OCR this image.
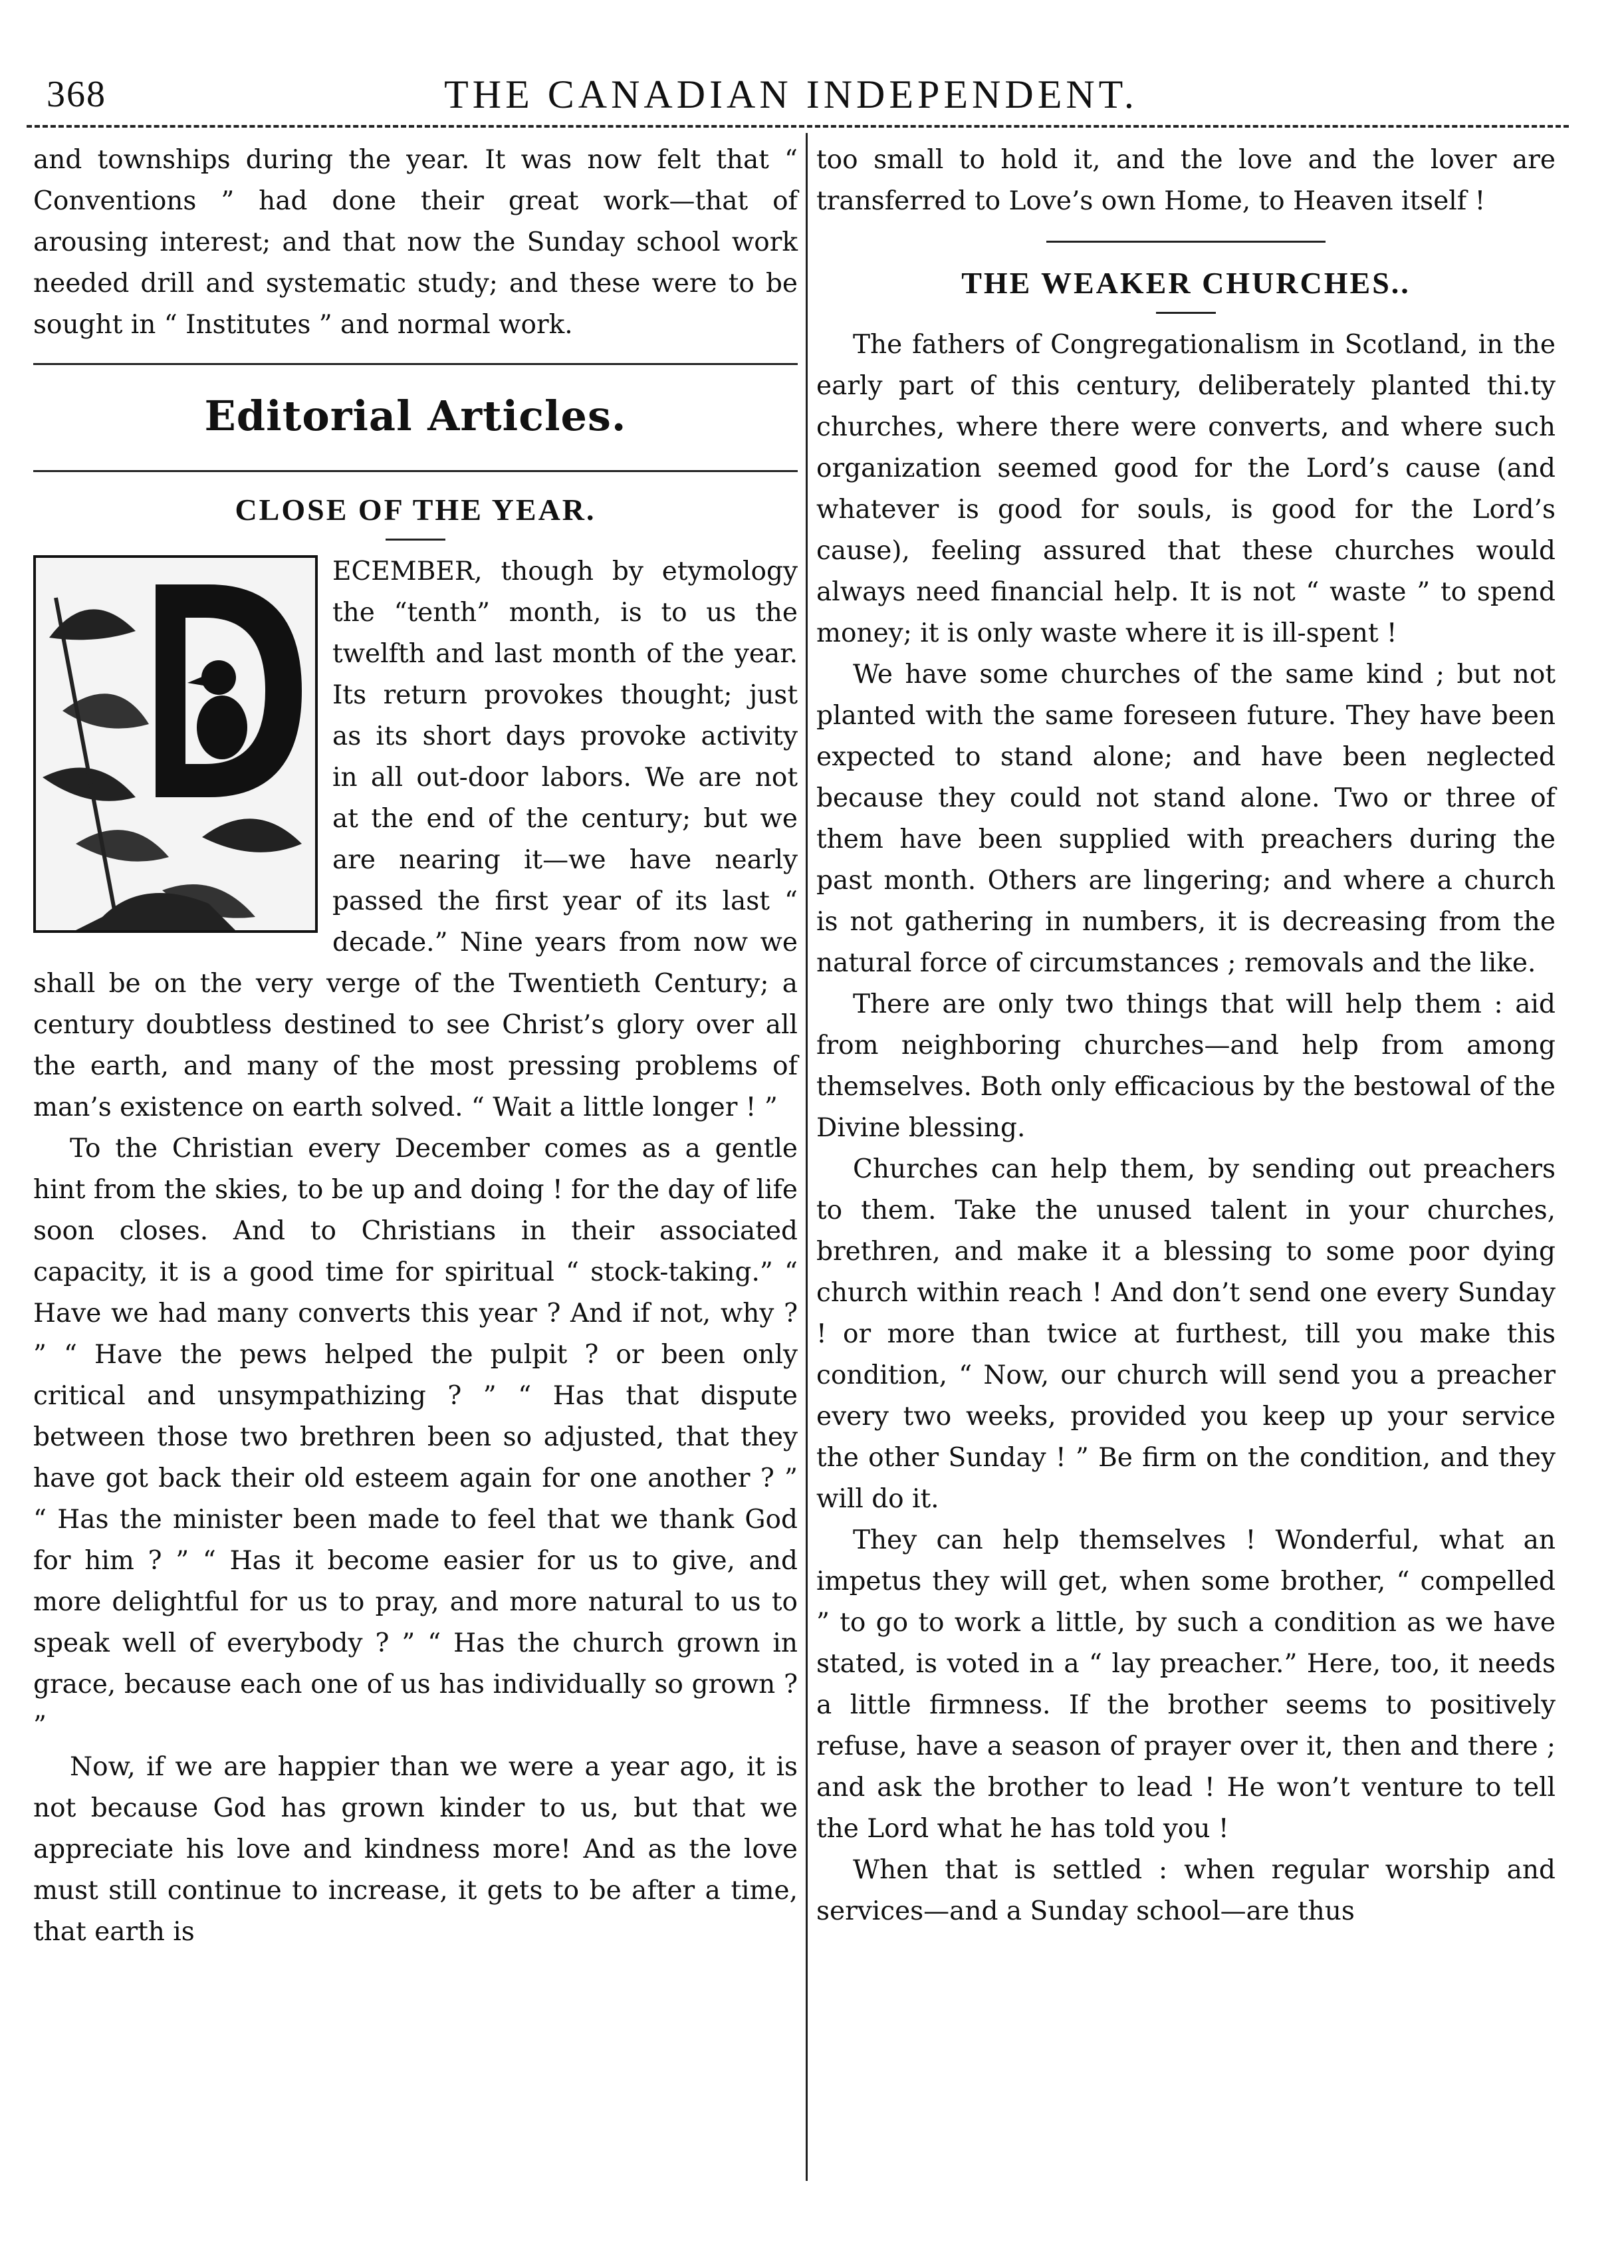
368	THE CANADIAN INDEPENDENT.

and townships during the year. It was now felt that “ Conventions ” had done their great work—that of arousing interest; and that now the Sunday school work needed drill and systematic study; and these were to be sought in “ Institutes ” and normal work.

Editorial Articles.
CLOSE OF THE YEAR.

ECEMBER, though by etymology the “tenth” month, is to us the twelfth and last month of the year. Its return provokes thought; just as its short days provoke activity in all out-door labors. We are not at the end of the century; but we are nearing it—we have nearly passed the first year of its last “ decade.” Nine years from now we shall be on the very verge of the Twentieth Century; a century doubtless destined to see Christ’s glory over all the earth, and many of the most pressing problems of man’s existence on earth solved. “ Wait a little longer ! ”

To the Christian every December comes as a gentle hint from the skies, to be up and doing ! for the day of life soon closes. And to Christians in their associated capacity, it is a good time for spiritual “ stock-taking.” “ Have we had many converts this year ? And if not, why ? ” “ Have the pews helped the pulpit ? or been only critical and unsympathizing ? ” “ Has that dispute between those two brethren been so adjusted, that they have got back their old esteem again for one another ? ” “ Has the minister been made to feel that we thank God for him ? ” “ Has it become easier for us to give, and more delightful for us to pray, and more natural to us to speak well of everybody ? ” “ Has the church grown in grace, because each one of us has individually so grown ? ”

Now, if we are happier than we were a year ago, it is not because God has grown kinder to us, but that we appreciate his love and kindness more! And as the love must still continue to increase, it gets to be after a time, that earth is

too small to hold it, and the love and the lover are transferred to Love’s own Home, to Heaven itself !

THE WEAKER CHURCHES..

The fathers of Congregationalism in Scotland, in the early part of this century, deliberately planted thi.ty churches, where there were converts, and where such organization seemed good for the Lord’s cause (and whatever is good for souls, is good for the Lord’s cause), feeling assured that these churches would always need financial help. It is not “ waste ” to spend money; it is only waste where it is ill-spent !

We have some churches of the same kind ; but not planted with the same foreseen future. They have been expected to stand alone; and have been neglected because they could not stand alone. Two or three of them have been supplied with preachers during the past month. Others are lingering; and where a church is not gathering in numbers, it is decreasing from the natural force of circumstances ; removals and the like.

There are only two things that will help them : aid from neighboring churches—and help from among themselves. Both only efficacious by the bestowal of the Divine blessing.

Churches can help them, by sending out preachers to them. Take the unused talent in your churches, brethren, and make it a blessing to some poor dying church within reach ! And don’t send one every Sunday ! or more than twice at furthest, till you make this condition, “ Now, our church will send you a preacher every two weeks, provided you keep up your service the other Sunday ! ” Be firm on the condition, and they will do it.

They can help themselves ! Wonderful, what an impetus they will get, when some brother, “ compelled ” to go to work a little, by such a condition as we have stated, is voted in a “ lay preacher.” Here, too, it needs a little firmness. If the brother seems to positively refuse, have a season of prayer over it, then and there ; and ask the brother to lead ! He won’t venture to tell the Lord what he has told you !

When that is settled : when regular worship and services—and a Sunday school—are thus
